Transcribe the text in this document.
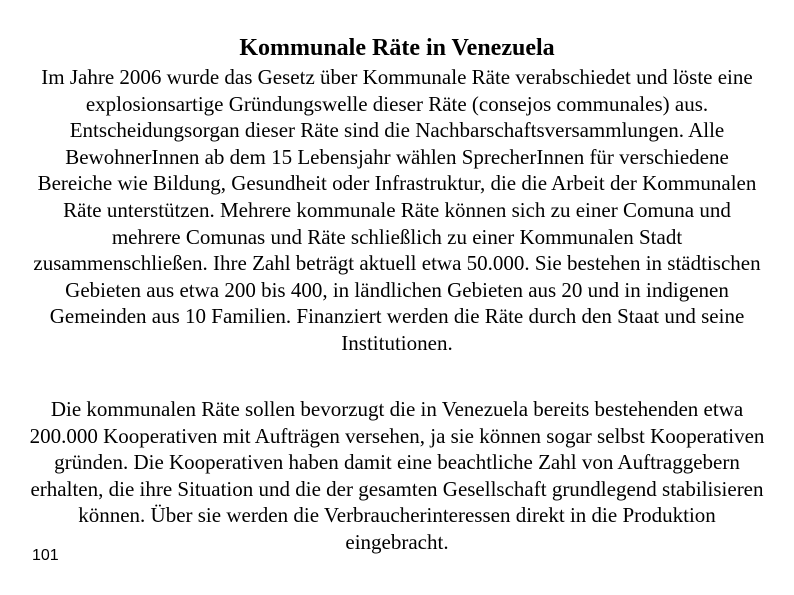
Kommunale Räte in Venezuela
Im Jahre 2006 wurde das Gesetz über Kommunale Räte verabschiedet und löste eine explosionsartige Gründungswelle dieser Räte (consejos communales) aus. Entscheidungsorgan dieser Räte sind die Nachbarschaftsversammlungen. Alle BewohnerInnen ab dem 15 Lebensjahr wählen SprecherInnen für verschiedene Bereiche wie Bildung, Gesundheit oder Infrastruktur, die die Arbeit der Kommunalen Räte unterstützen. Mehrere kommunale Räte können sich zu einer Comuna und mehrere Comunas und Räte schließlich zu einer Kommunalen Stadt zusammenschließen. Ihre Zahl beträgt aktuell etwa 50.000. Sie bestehen in städtischen Gebieten aus etwa 200 bis 400, in ländlichen Gebieten aus 20 und in indigenen Gemeinden aus 10 Familien. Finanziert werden die Räte durch den Staat und seine Institutionen.
Die kommunalen Räte sollen bevorzugt die in Venezuela bereits bestehenden etwa 200.000 Kooperativen mit Aufträgen versehen, ja sie können sogar selbst Kooperativen gründen. Die Kooperativen haben damit eine beachtliche Zahl von Auftraggebern erhalten, die ihre Situation und die der gesamten Gesellschaft grundlegend stabilisieren können. Über sie werden die Verbraucherinteressen direkt in die Produktion eingebracht.
101
